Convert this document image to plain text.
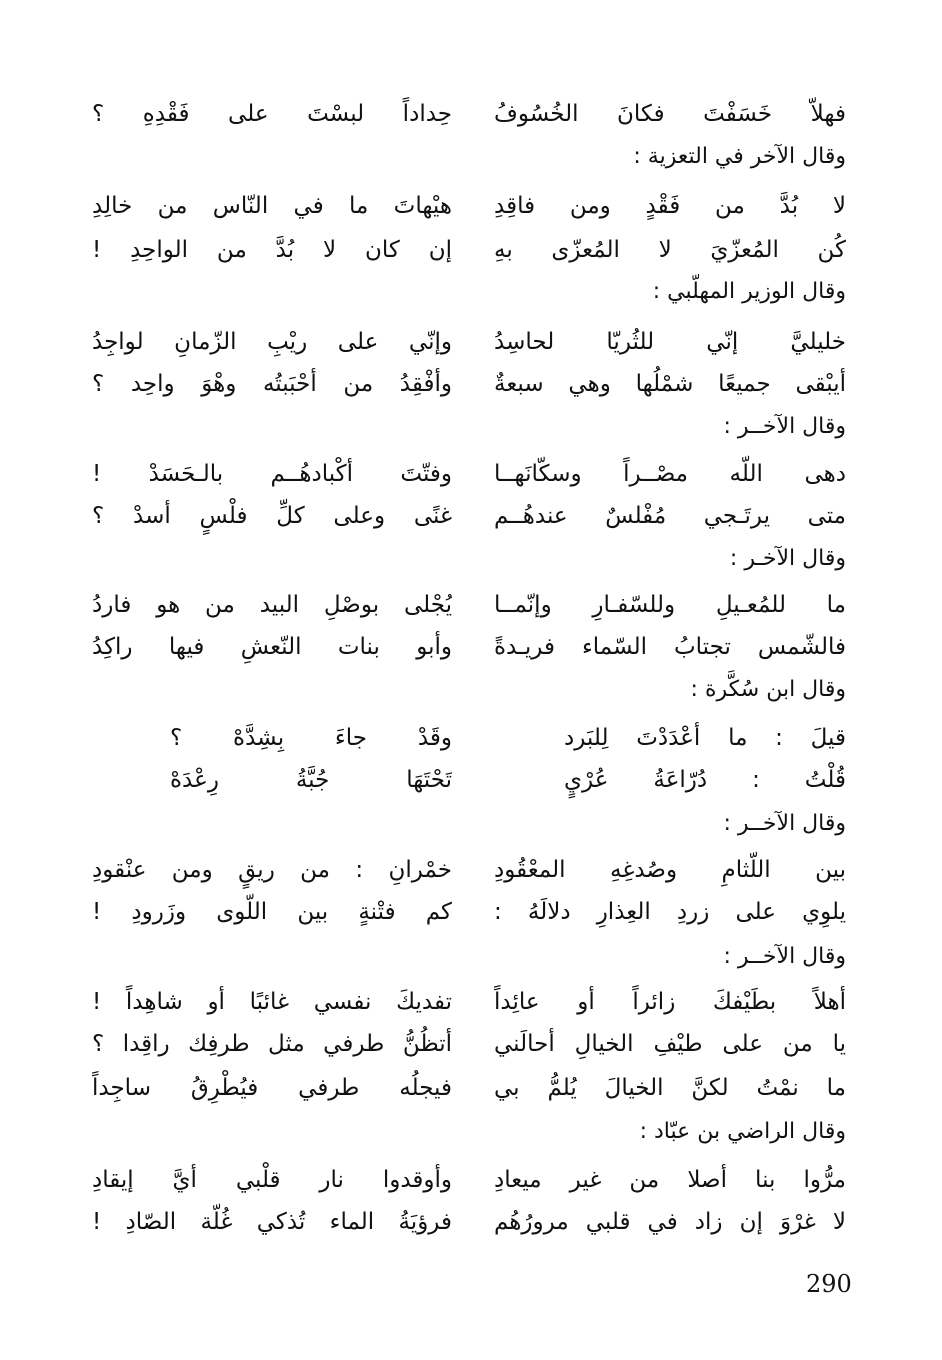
فهلاّ خَسَفْتَ فكانَ الخُسُوفُ
حِداداً لبسْتَ على فَقْدِهِ ؟
وقال الآخر في التعزية :
لا بُدَّ من فَقْدٍ ومن فاقِدِ
هيْهاتَ ما في النّاس من خالِدِ
كُن المُعزّيَ لا المُعزّى بهِ
إن كان لا بُدَّ من الواحِدِ !
وقال الوزير المهلّبي :
خليليَّ إنّي للثُريّا لحاسِدُ
وإنّي على ريْبِ الزّمانِ لواجِدُ
أيبْقى جميعًا شمْلُها وهي سبعةٌ
وأفْقِدُ من أحْبَبتُه وهْوَ واحِد ؟
وقال الآخــر :
دهى اللّه مصْــراً وسكّانَهــا
وفتّتَ أكْبادهُــم بالـحَسَدْ !
متى يرتَـجي مُفْلسٌ عندهُــم
غنًى وعلى كلِّ فلْسٍ أسدْ ؟
وقال الآخـر :
ما للمُعـيلِ وللسّفـارِ وإنّمــا
يُجْلى بوصْلِ البيد من هو فاردُ
فالشّمس تجتابُ السّماء فريـدةً
وأبو بنات النّعشِ فيها راكِدُ
وقال ابن سُكَّرة :
قيلَ : ما أعْدَدْتَ لِلبَرد
وقَدْ جاءَ بِشِدَّهْ ؟
قُلْتُ : دُرّاعَةُ عُرْيٍ
تَحْتَهَا جُبَّةُ رِعْدَهْ
وقال الآخــر :
بين اللّثامِ وصُدغِهِ المعْقُودِ
خمْرانِ : من ريقٍ ومن عنْقودِ
يلوِي على زردِ العِذارِ دلالَهُ :
كم فتْنةٍ بين اللّوى وزَرودِ !
وقال الآخــر :
أهلاً بطَيْفكَ زائراً أو عائِداً
تفديكَ نفسي غائبًا أو شاهِداً !
يا من على طيْفِ الخيالِ أحالَني
أتظُنُّ طرفي مثل طرفِك راقِدا ؟
ما نمْتُ لكنَّ الخيالَ يُلمُّ بي
فيجلُه طرفي فيُطْرِقُ ساجِداً
وقال الراضي بن عبّاد :
مرُّوا بنا أصلا من غير ميعادِ
وأوقدوا نار قلْبي أيَّ إيقادِ
لا غرْوَ إن زاد في قلبي مرورُهُم
فرؤيَةُ الماء تُذكي غُلّة الصّادِ !
290
